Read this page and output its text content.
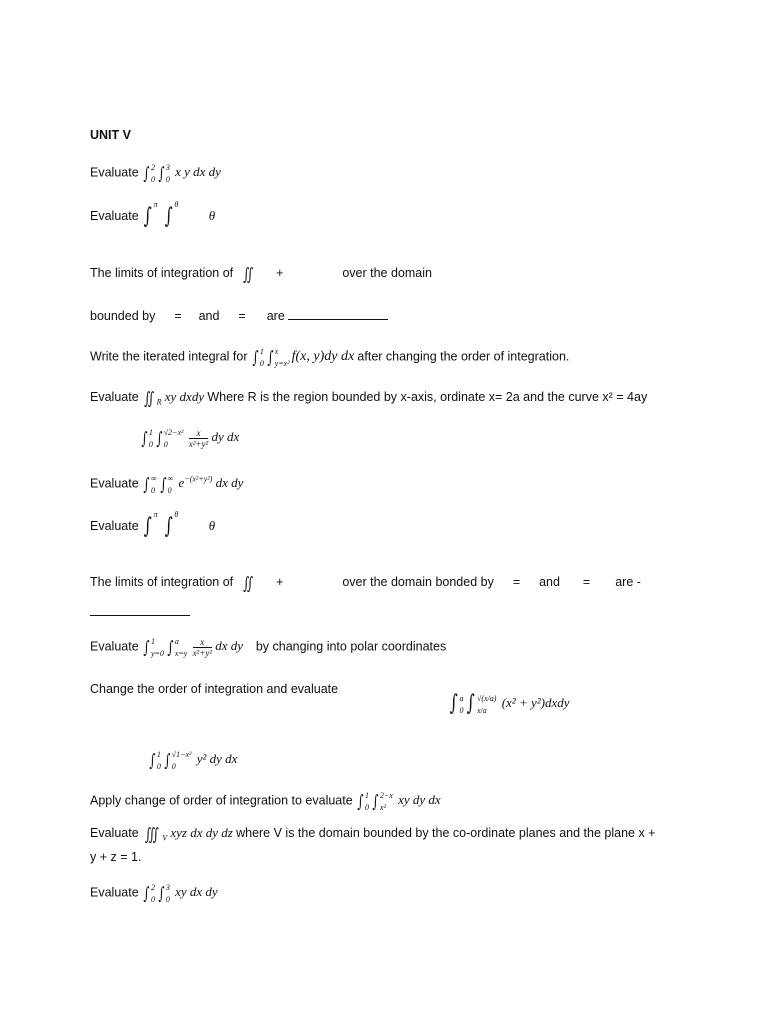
UNIT V
Evaluate ∫ 2
0 ∫ 3
0
x y dx dy
Evaluate ∫ π ∫ θ
θ
The limits of integration of ∬ +	over the domain
bounded by = and = are
Write the iterated integral for ∫ 1
0 ∫ x
y=x² f(x, y)dy dx after changing the order of integration.
Evaluate ∬ $_R$ xy dxdy Where R is the region bounded by x-axis, ordinate x= 2a and the curve x² = 4ay
∫ 1
0 ∫ √2−x²
0
	$\frac{x}{\text{x²+y²}}$ dy dx
Evaluate ∫ ∞
0 ∫ ∞
0
$e^{-(x^2+y^2)}$ dx dy
Evaluate ∫ π ∫ θ
θ
The limits of integration of ∬ +	over the domain bonded by = and = are -
Evaluate ∫ 1
y=0 ∫ a
x=y
$\frac{x}{\text{x²+y²}}$ dx dy by changing into polar coordinates
Change the order of integration and evaluate
∫ a
0 ∫ √(x/a)
x/a
(x² + y²)dxdy
∫ 1
0 ∫ √1−x²
0
y² dy dx
Apply change of order of integration to evaluate ∫ 1
0 ∫ 2−x
x²
xy dy dx
Evaluate ∭ $_V$ xyz dx dy dz where V is the domain bounded by the co-ordinate planes and the plane x +
y + z = 1.
Evaluate ∫ 2
0 ∫ 3
0
xy dx dy
